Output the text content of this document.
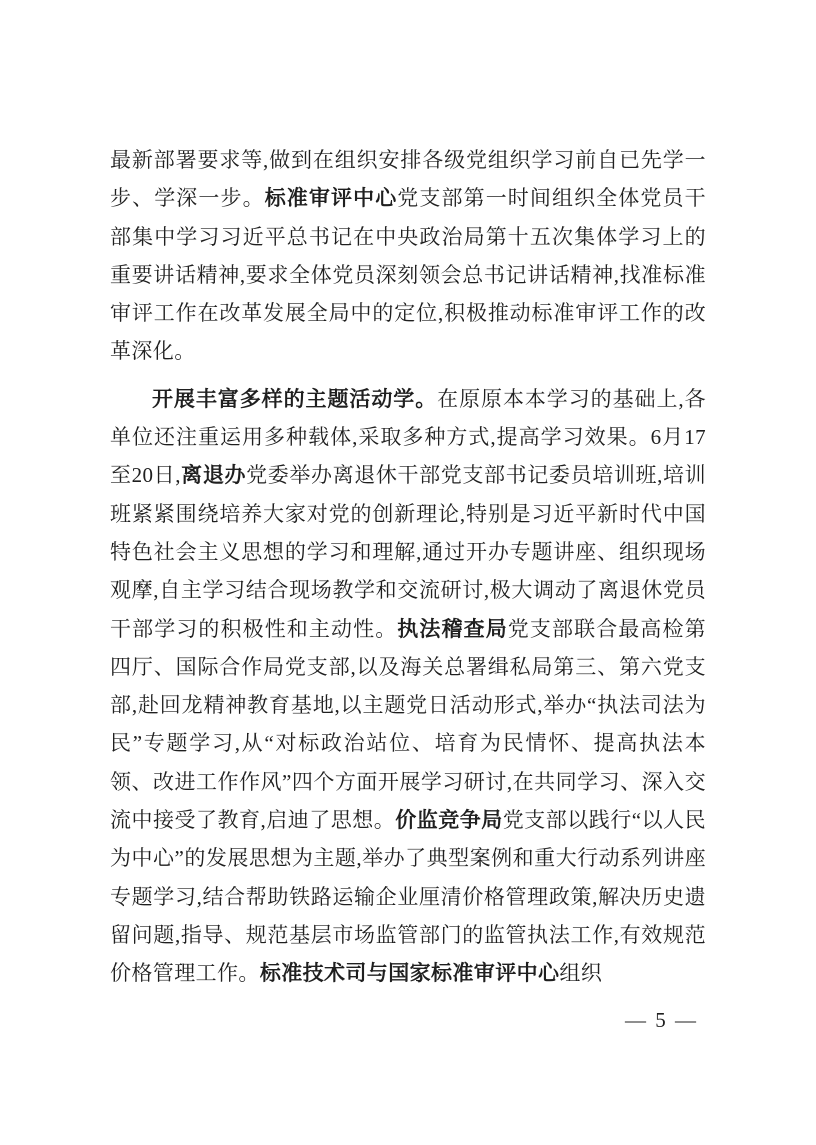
最新部署要求等,做到在组织安排各级党组织学习前自已先学一步、学深一步。标准审评中心党支部第一时间组织全体党员干部集中学习习近平总书记在中央政治局第十五次集体学习上的重要讲话精神,要求全体党员深刻领会总书记讲话精神,找准标准审评工作在改革发展全局中的定位,积极推动标准审评工作的改革深化。

开展丰富多样的主题活动学。在原原本本学习的基础上,各单位还注重运用多种载体,采取多种方式,提高学习效果。6月17至20日,离退办党委举办离退休干部党支部书记委员培训班,培训班紧紧围绕培养大家对党的创新理论,特别是习近平新时代中国特色社会主义思想的学习和理解,通过开办专题讲座、组织现场观摩,自主学习结合现场教学和交流研讨,极大调动了离退休党员干部学习的积极性和主动性。执法稽查局党支部联合最高检第四厅、国际合作局党支部,以及海关总署缉私局第三、第六党支部,赴回龙精神教育基地,以主题党日活动形式,举办“执法司法为民”专题学习,从“对标政治站位、培育为民情怀、提高执法本领、改进工作作风”四个方面开展学习研讨,在共同学习、深入交流中接受了教育,启迪了思想。价监竞争局党支部以践行“以人民为中心”的发展思想为主题,举办了典型案例和重大行动系列讲座专题学习,结合帮助铁路运输企业厘清价格管理政策,解决历史遗留问题,指导、规范基层市场监管部门的监管执法工作,有效规范价格管理工作。标准技术司与国家标准审评中心组织

— 5 —
